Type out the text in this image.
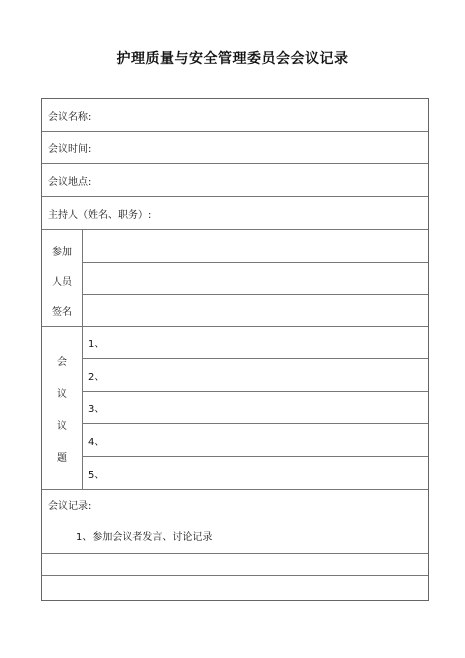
护理质量与安全管理委员会会议记录
会议名称:
会议时间:
会议地点:
主持人（姓名、职务）:
参加
人员
签名
会
议
议
题
1、
2、
3、
4、
5、
会议记录:
1、参加会议者发言、讨论记录
